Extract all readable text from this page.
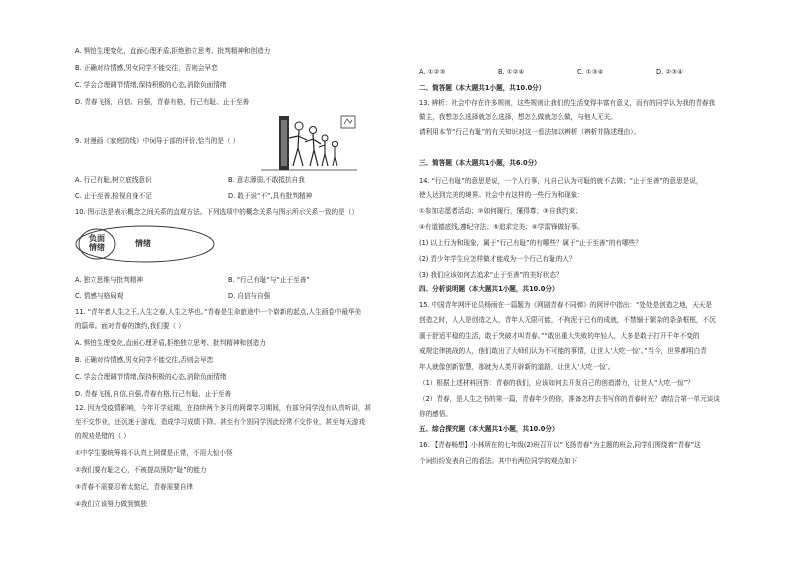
A. 惧怕生理变化，直面心理矛盾,拒绝独立思考、批判精神和创造力
B. 正确对待情感,男女同学不能交往，否则会早恋
C. 学会合理调节情绪,保持积极的心态,消除负面情绪
D. 青春飞扬，自信、自强，青春有格，行己有耻、止于至善
9. 对漫画《家庭防线》中词导于部的评价,恰当的是（ ）
A. 行己有耻,树立底线意识	B. 意志薄弱,不敢抵抗自我
C. 止于至善,检视自身不足	D. 敢于说“不”,具有批判精神
10. 图示法是表示概念之间关系的直观方法。下列选项中的概念关系与图示所示关系一致的是（）
负面情绪	情绪
A. 独立思维与批判精神	B. “行己有耻”与“止于至善”
C. 情感与格局观	D. 自信与自强
11. “青年者人生之王,人生之春,人生之华也。”青春是生命旅途中一个崭新的起点,人生画卷中最华美
的篇章。面对青春的馈约,我们要（ ）
A. 惧怕生理变化,直面心理矛盾,拒绝独立思考、批判精神和创造力
B. 正确对待情感,男女同学不能交往,否则会早恋
C. 学会合理调节情绪,保持积极的心态,消除负面情绪
D. 青春飞扬,自信,自强,青春有格,行己有耻、止于至善
12. 因为受疫情影响，今年开学延期，在持续两个多月的网课学习期间，有部分同学没有认真听讲，甚
至不交作业，还沉迷于游戏，造成学习成绩下降。甚至有个别同学因此经常不交作业，甚至每天游戏
的规劝是错的（ ）
①中学生要统筹将不认真上网课是正常，不用大惊小怪
②我们要有耻之心，不被提高预防“耻”的能力
③青春不需要忍着太惦记，青春需要自律
④我们立该努力做到慎独
A. ①②③	B. ①②④	C. ①③④	D. ②③④
二、简答题（本大题共1小题，共10.0分）
13. 辨析：社会中存在许多规则，这些规则让我们的生活变得丰富有意义，而有的同学认为我的青春我
做主，我想怎么选择就怎么选择，想怎么做就怎么做，与他人无关。
请利用本节“行己有耻”的有关知识对这一看法加以辨析（辨析并陈述理由）。
三、简答题（本大题共1小题，共6.0分）
14. “行己有耻”的意思是说，一个人行事，凡自己认为可耻的就不去做；“止于至善”的意思是说，
使人达到完美的境界。社会中有这样的一些行为和现象：
①参加志愿者活动；②如何履行，懂得尊；③自我约束；
④有道德底线,遵纪守法；⑤追求完美；⑥学雷锋做好事。
(1) 以上行为和现象，属于“行己有耻”的有哪些？属于“止于至善”的有哪些？
(2) 青少年学生应怎样做才能成为一个行己有耻的人？
(3) 我们应该如何去追求“止于至善”的美好状态？
四、分析说明题（本大题共1小题，共10.0分）
15. 中国青年网评论员杨雨在一篇题为《网剧青春不同弹》的网评中指出：“处处是创造之地，天天是
创造之时，人人是创造之人，青年人无限可能，不拘泥于已有的成就，不禁锢于繁杂的条条框框，不沉
湎于舒适平稳的生活，敢于突破才叫青春。”“敢出重大失败的年轻人，大多是敢于打开千年不变的
戒规定律挑战的人，他们敢出了大师们认为不可能的事情，让世人‘大吃一惊’。”当今，世界都明白青
年人就像创新智慧，那就为人类开辟新的道路，让世人‘大吃一惊’。
（1）根据上述材料回答：青春的我们，应该如何去开发自己的创造潜力，让世人“大吃一惊”？
（2）青春，是人生之书的第一篇，青春年少的你，准备怎样去书写你的青春时光？请结合第一单元谈谈
你的感悟。
五、综合探究题（本大题共1小题，共10.0分）
16. 【青春畅想】小林所在的七年级(2)班召开以“飞扬青春”为主题的班会,同学们围绕着“青春”这
个词纷纷发表自己的看法。其中有两位同学的观点如下
